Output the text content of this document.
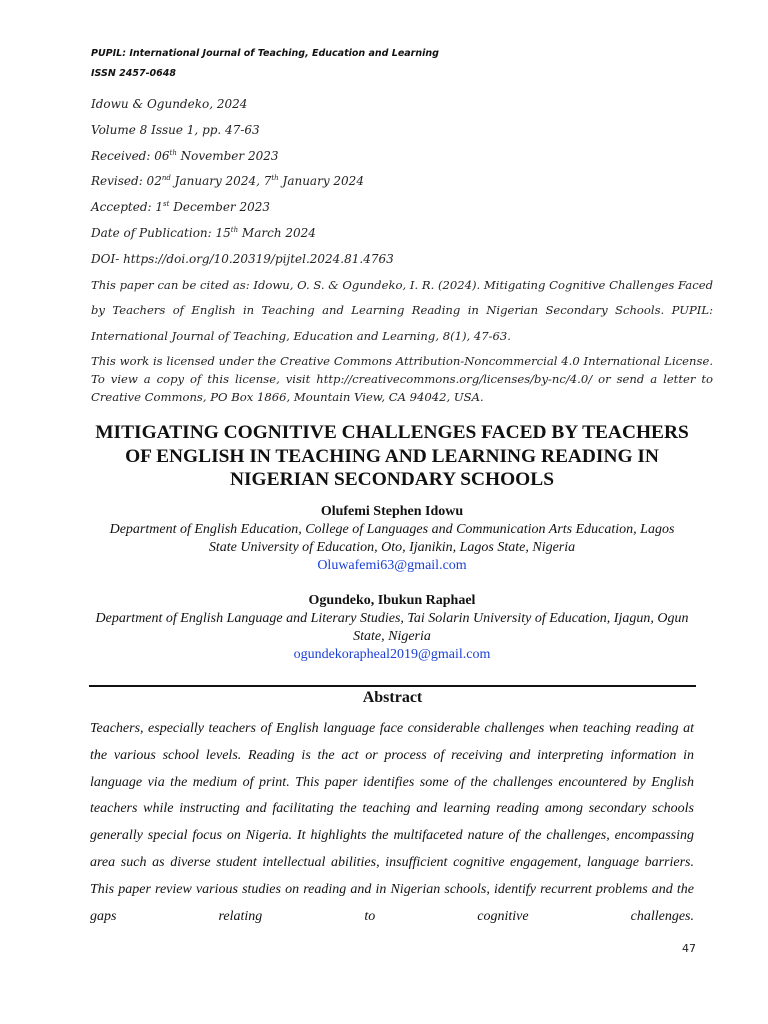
PUPIL: International Journal of Teaching, Education and Learning
ISSN 2457-0648
Idowu & Ogundeko, 2024
Volume 8 Issue 1, pp. 47-63
Received: 06th November 2023
Revised: 02nd January 2024, 7th January 2024
Accepted: 1st December 2023
Date of Publication: 15th March 2024
DOI- https://doi.org/10.20319/pijtel.2024.81.4763
This paper can be cited as: Idowu, O. S. & Ogundeko, I. R. (2024). Mitigating Cognitive Challenges Faced by Teachers of English in Teaching and Learning Reading in Nigerian Secondary Schools. PUPIL: International Journal of Teaching, Education and Learning, 8(1), 47-63.
This work is licensed under the Creative Commons Attribution-Noncommercial 4.0 International License. To view a copy of this license, visit http://creativecommons.org/licenses/by-nc/4.0/ or send a letter to Creative Commons, PO Box 1866, Mountain View, CA 94042, USA.
MITIGATING COGNITIVE CHALLENGES FACED BY TEACHERS OF ENGLISH IN TEACHING AND LEARNING READING IN NIGERIAN SECONDARY SCHOOLS
Olufemi Stephen Idowu
Department of English Education, College of Languages and Communication Arts Education, Lagos State University of Education, Oto, Ijanikin, Lagos State, Nigeria
Oluwafemi63@gmail.com
Ogundeko, Ibukun Raphael
Department of English Language and Literary Studies, Tai Solarin University of Education, Ijagun, Ogun State, Nigeria
ogundekorapheal2019@gmail.com
Abstract
Teachers, especially teachers of English language face considerable challenges when teaching reading at the various school levels. Reading is the act or process of receiving and interpreting information in language via the medium of print. This paper identifies some of the challenges encountered by English teachers while instructing and facilitating the teaching and learning reading among secondary schools generally special focus on Nigeria. It highlights the multifaceted nature of the challenges, encompassing area such as diverse student intellectual abilities, insufficient cognitive engagement, language barriers. This paper review various studies on reading and in Nigerian schools, identify recurrent problems and the gaps relating to cognitive challenges.
47
